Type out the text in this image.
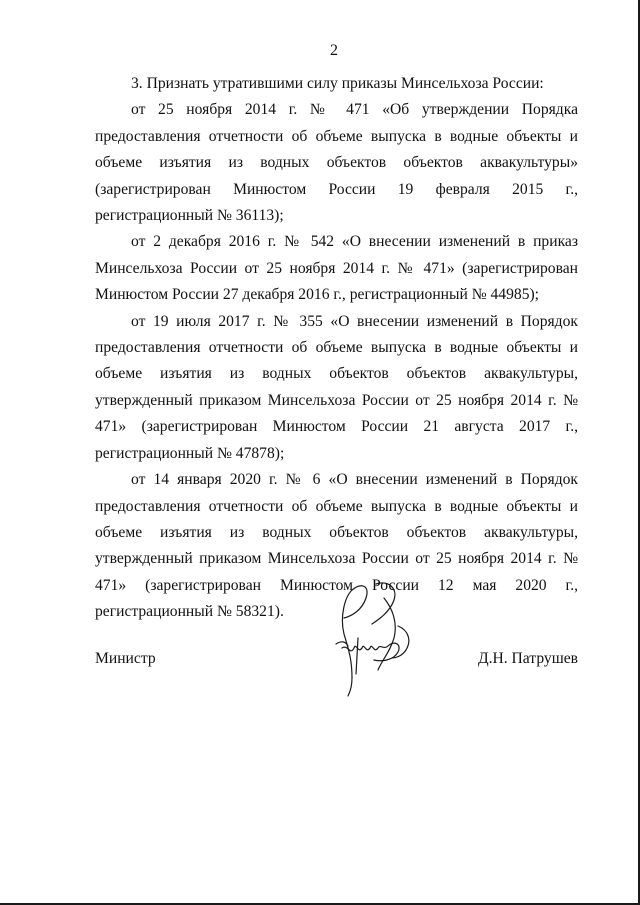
2

3. Признать утратившими силу приказы Минсельхоза России:

от 25 ноября 2014 г. № 471 «Об утверждении Порядка предоставления отчетности об объеме выпуска в водные объекты и объеме изъятия из водных объектов объектов аквакультуры» (зарегистрирован Минюстом России 19 февраля 2015 г., регистрационный № 36113);

от 2 декабря 2016 г. № 542 «О внесении изменений в приказ Минсельхоза России от 25 ноября 2014 г. № 471» (зарегистрирован Минюстом России 27 декабря 2016 г., регистрационный № 44985);

от 19 июля 2017 г. № 355 «О внесении изменений в Порядок предоставления отчетности об объеме выпуска в водные объекты и объеме изъятия из водных объектов объектов аквакультуры, утвержденный приказом Минсельхоза России от 25 ноября 2014 г. № 471» (зарегистрирован Минюстом России 21 августа 2017 г., регистрационный № 47878);

от 14 января 2020 г. № 6 «О внесении изменений в Порядок предоставления отчетности об объеме выпуска в водные объекты и объеме изъятия из водных объектов объектов аквакультуры, утвержденный приказом Минсельхоза России от 25 ноября 2014 г. № 471» (зарегистрирован Минюстом России 12 мая 2020 г., регистрационный № 58321).

Министр	Д.Н. Патрушев
